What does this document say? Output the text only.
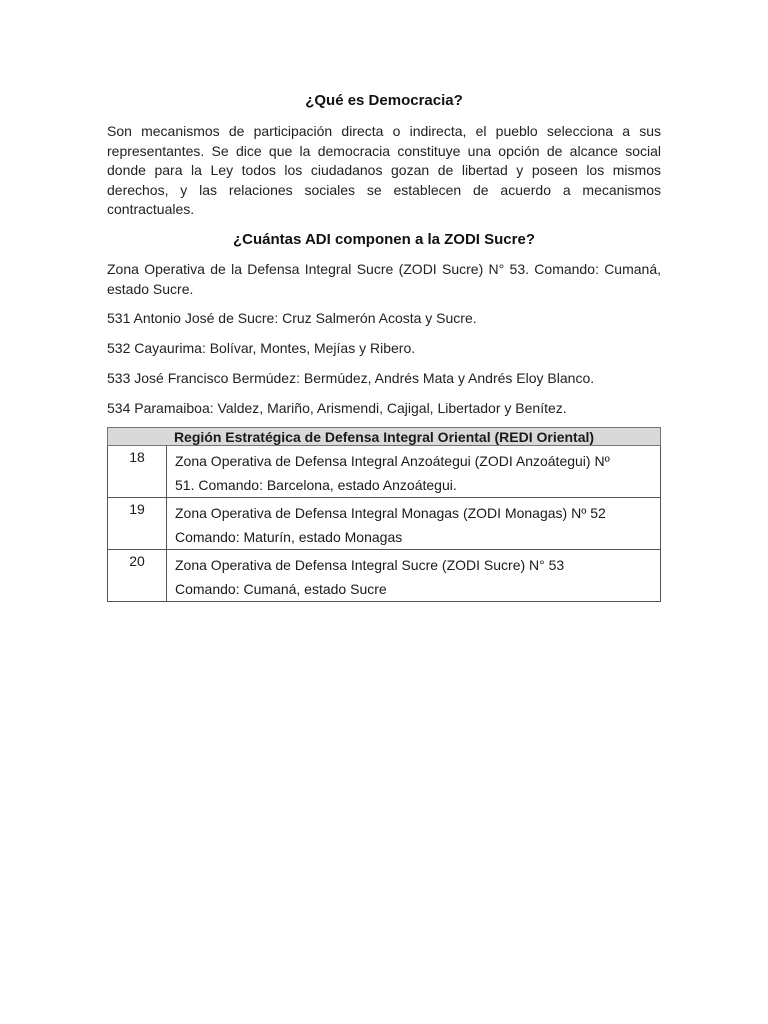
¿Qué es Democracia?

Son mecanismos de participación directa o indirecta, el pueblo selecciona a sus representantes. Se dice que la democracia constituye una opción de alcance social donde para la Ley todos los ciudadanos gozan de libertad y poseen los mismos derechos, y las relaciones sociales se establecen de acuerdo a mecanismos contractuales.

¿Cuántas ADI componen a la ZODI Sucre?

Zona Operativa de la Defensa Integral Sucre (ZODI Sucre) N° 53. Comando: Cumaná, estado Sucre.

531 Antonio José de Sucre: Cruz Salmerón Acosta y Sucre.

532 Cayaurima: Bolívar, Montes, Mejías y Ribero.

533 José Francisco Bermúdez: Bermúdez, Andrés Mata y Andrés Eloy Blanco.

534 Paramaiboa: Valdez, Mariño, Arismendi, Cajigal, Libertador y Benítez.

Región Estratégica de Defensa Integral Oriental (REDI Oriental)	
18	Zona Operativa de Defensa Integral Anzoátegui (ZODI Anzoátegui) Nº
51. Comando: Barcelona, estado Anzoátegui.

19	Zona Operativa de Defensa Integral Monagas (ZODI Monagas) Nº 52
Comando: Maturín, estado Monagas

20	Zona Operativa de Defensa Integral Sucre (ZODI Sucre) N° 53
Comando: Cumaná, estado Sucre
